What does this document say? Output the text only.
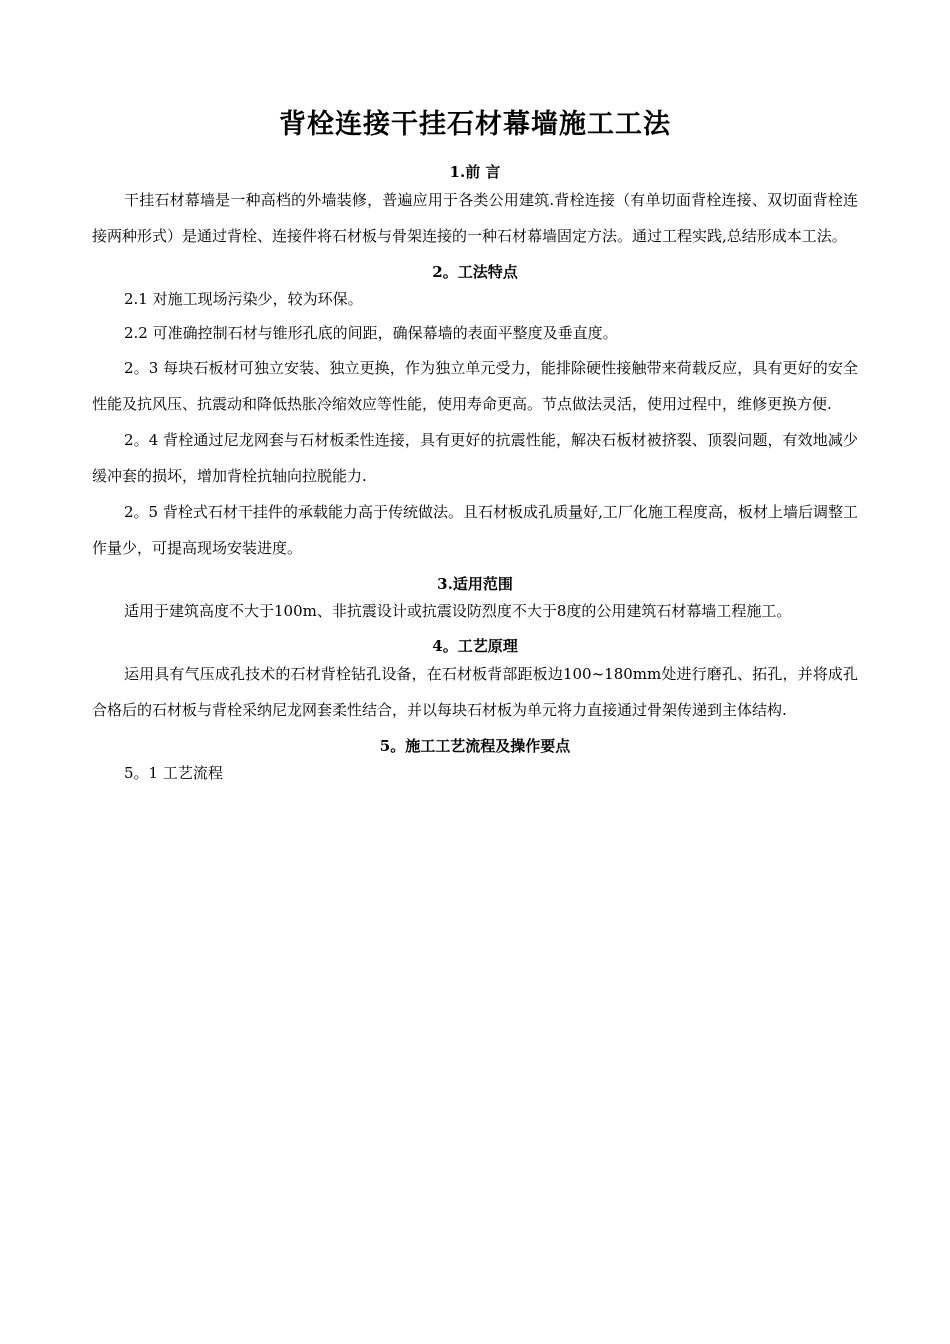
背栓连接干挂石材幕墙施工工法
1.前 言

干挂石材幕墙是一种高档的外墙装修，普遍应用于各类公用建筑.背栓连接（有单切面背栓连接、双切面背栓连接两种形式）是通过背栓、连接件将石材板与骨架连接的一种石材幕墙固定方法。通过工程实践,总结形成本工法。

2。工法特点

2.1 对施工现场污染少，较为环保。

2.2 可准确控制石材与锥形孔底的间距，确保幕墙的表面平整度及垂直度。

2。3 每块石板材可独立安装、独立更换，作为独立单元受力，能排除硬性接触带来荷载反应，具有更好的安全性能及抗风压、抗震动和降低热胀冷缩效应等性能，使用寿命更高。节点做法灵活，使用过程中，维修更换方便.

2。4 背栓通过尼龙网套与石材板柔性连接，具有更好的抗震性能，解决石板材被挤裂、顶裂问题，有效地减少缓冲套的损坏，增加背栓抗轴向拉脱能力.

2。5 背栓式石材干挂件的承载能力高于传统做法。且石材板成孔质量好,工厂化施工程度高，板材上墙后调整工作量少，可提高现场安装进度。

3.适用范围

适用于建筑高度不大于100m、非抗震设计或抗震设防烈度不大于8度的公用建筑石材幕墙工程施工。

4。工艺原理

运用具有气压成孔技术的石材背栓钻孔设备，在石材板背部距板边100~180mm处进行磨孔、拓孔，并将成孔合格后的石材板与背栓采纳尼龙网套柔性结合，并以每块石材板为单元将力直接通过骨架传递到主体结构.

5。施工工艺流程及操作要点

5。1 工艺流程
